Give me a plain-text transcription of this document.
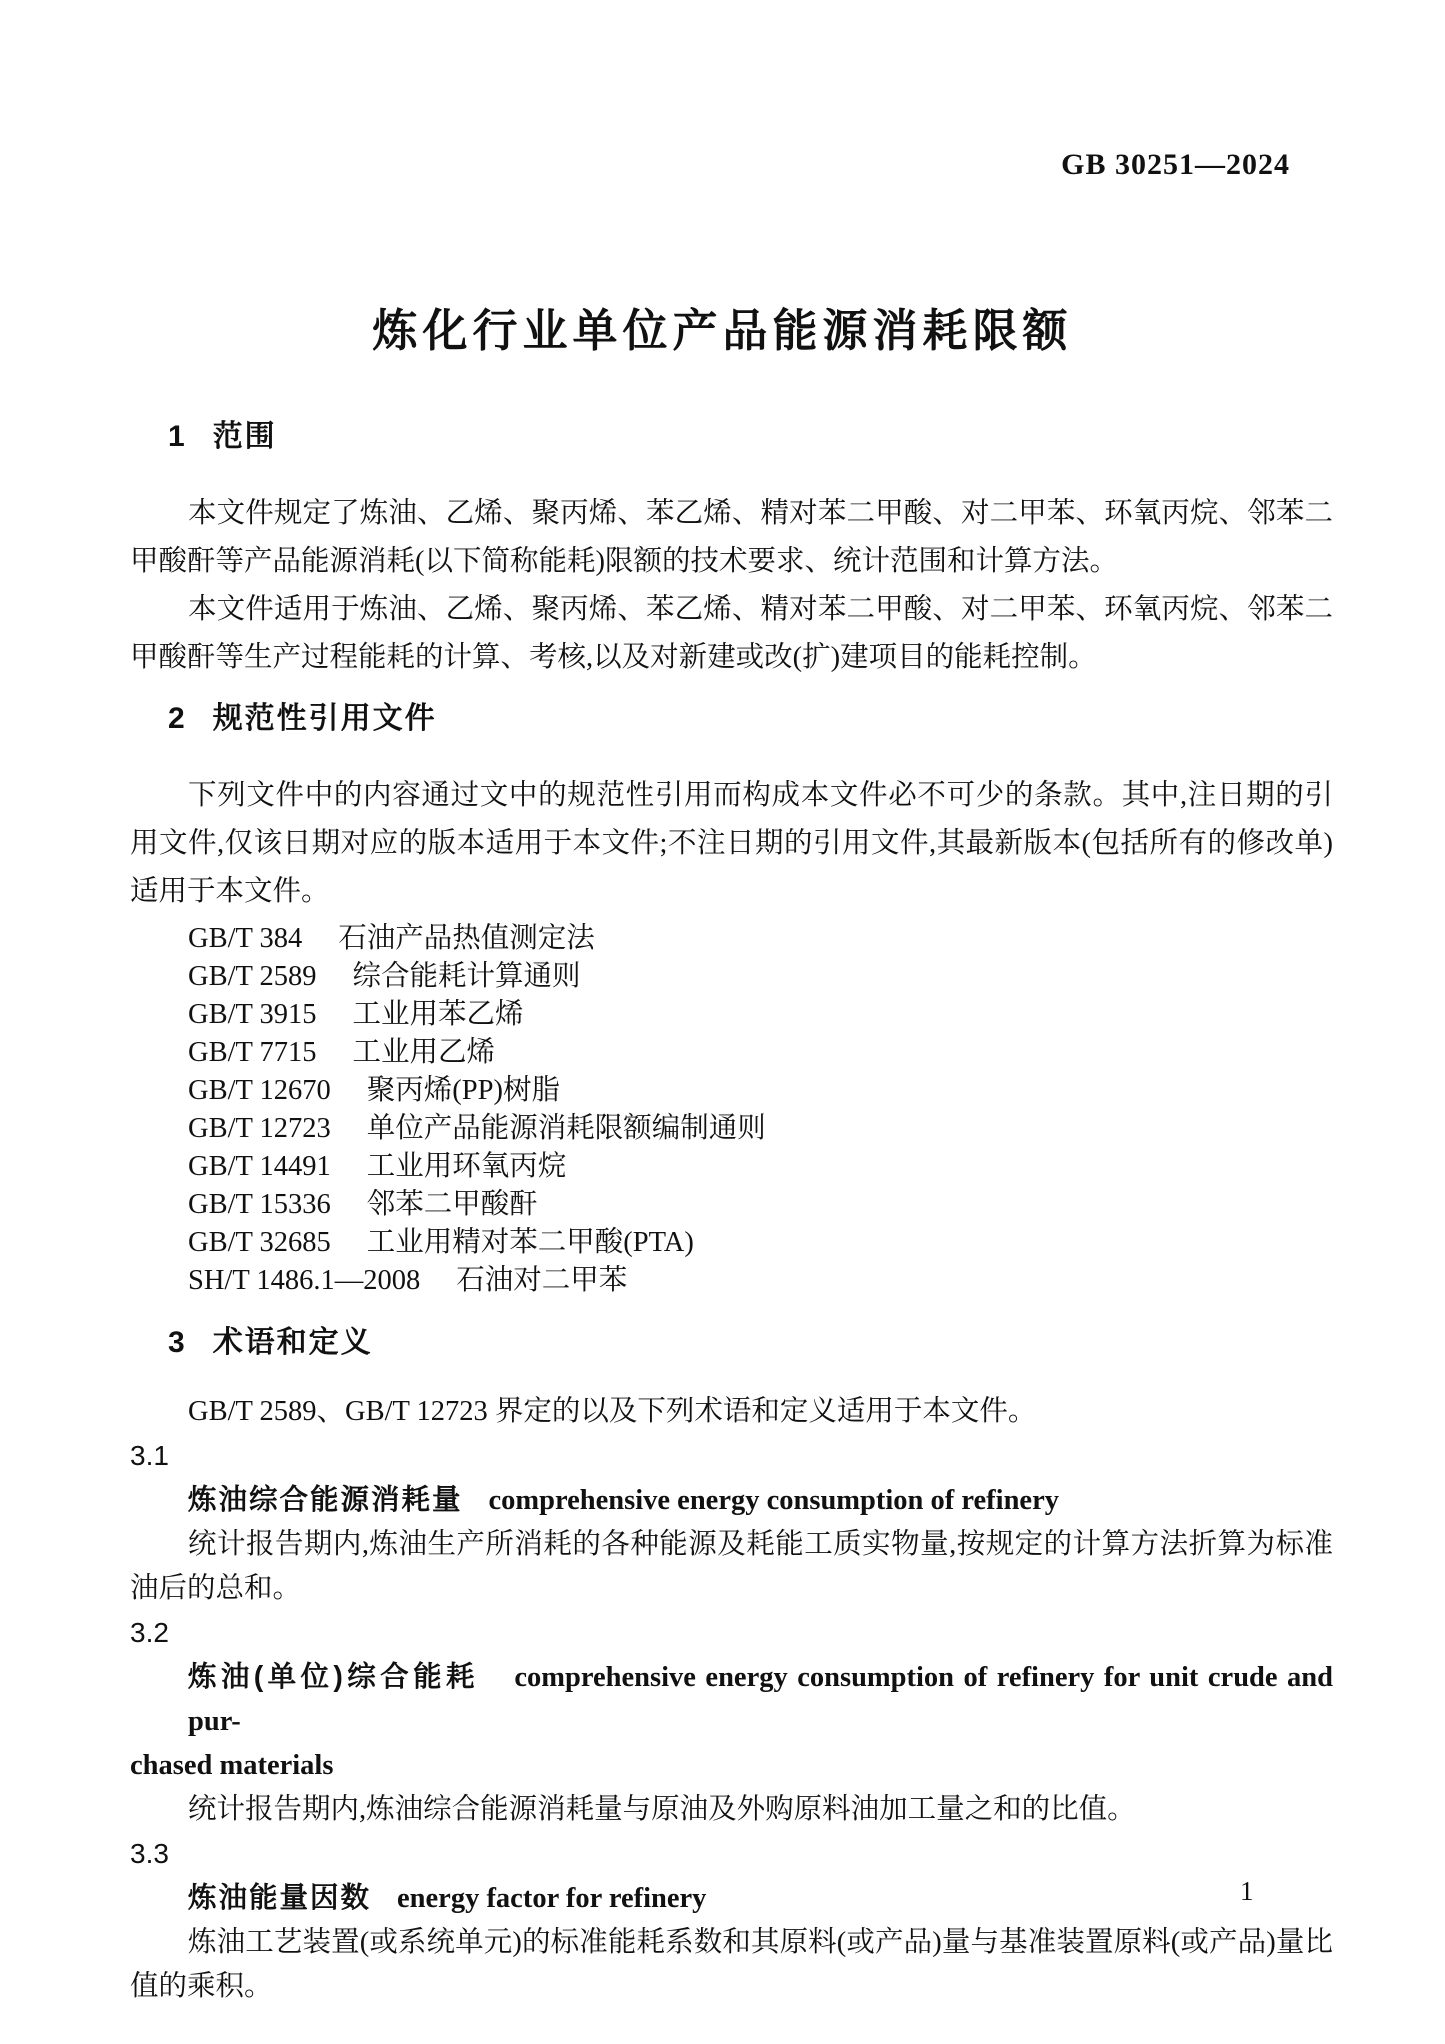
GB 30251—2024
炼化行业单位产品能源消耗限额
1 范围

本文件规定了炼油、乙烯、聚丙烯、苯乙烯、精对苯二甲酸、对二甲苯、环氧丙烷、邻苯二甲酸酐等产品能源消耗(以下简称能耗)限额的技术要求、统计范围和计算方法。

本文件适用于炼油、乙烯、聚丙烯、苯乙烯、精对苯二甲酸、对二甲苯、环氧丙烷、邻苯二甲酸酐等生产过程能耗的计算、考核,以及对新建或改(扩)建项目的能耗控制。

2 规范性引用文件

下列文件中的内容通过文中的规范性引用而构成本文件必不可少的条款。其中,注日期的引用文件,仅该日期对应的版本适用于本文件;不注日期的引用文件,其最新版本(包括所有的修改单)适用于本文件。

GB/T 384 石油产品热值测定法
GB/T 2589 综合能耗计算通则
GB/T 3915 工业用苯乙烯
GB/T 7715 工业用乙烯
GB/T 12670 聚丙烯(PP)树脂
GB/T 12723 单位产品能源消耗限额编制通则
GB/T 14491 工业用环氧丙烷
GB/T 15336 邻苯二甲酸酐
GB/T 32685 工业用精对苯二甲酸(PTA)
SH/T 1486.1—2008 石油对二甲苯
3 术语和定义

GB/T 2589、GB/T 12723 界定的以及下列术语和定义适用于本文件。

3.1
炼油综合能源消耗量 comprehensive energy consumption of refinery

统计报告期内,炼油生产所消耗的各种能源及耗能工质实物量,按规定的计算方法折算为标准油后的总和。

3.2
炼油(单位)综合能耗 comprehensive energy consumption of refinery for unit crude and pur-
chased materials

统计报告期内,炼油综合能源消耗量与原油及外购原料油加工量之和的比值。

3.3
炼油能量因数 energy factor for refinery

炼油工艺装置(或系统单元)的标准能耗系数和其原料(或产品)量与基准装置原料(或产品)量比值的乘积。

1
